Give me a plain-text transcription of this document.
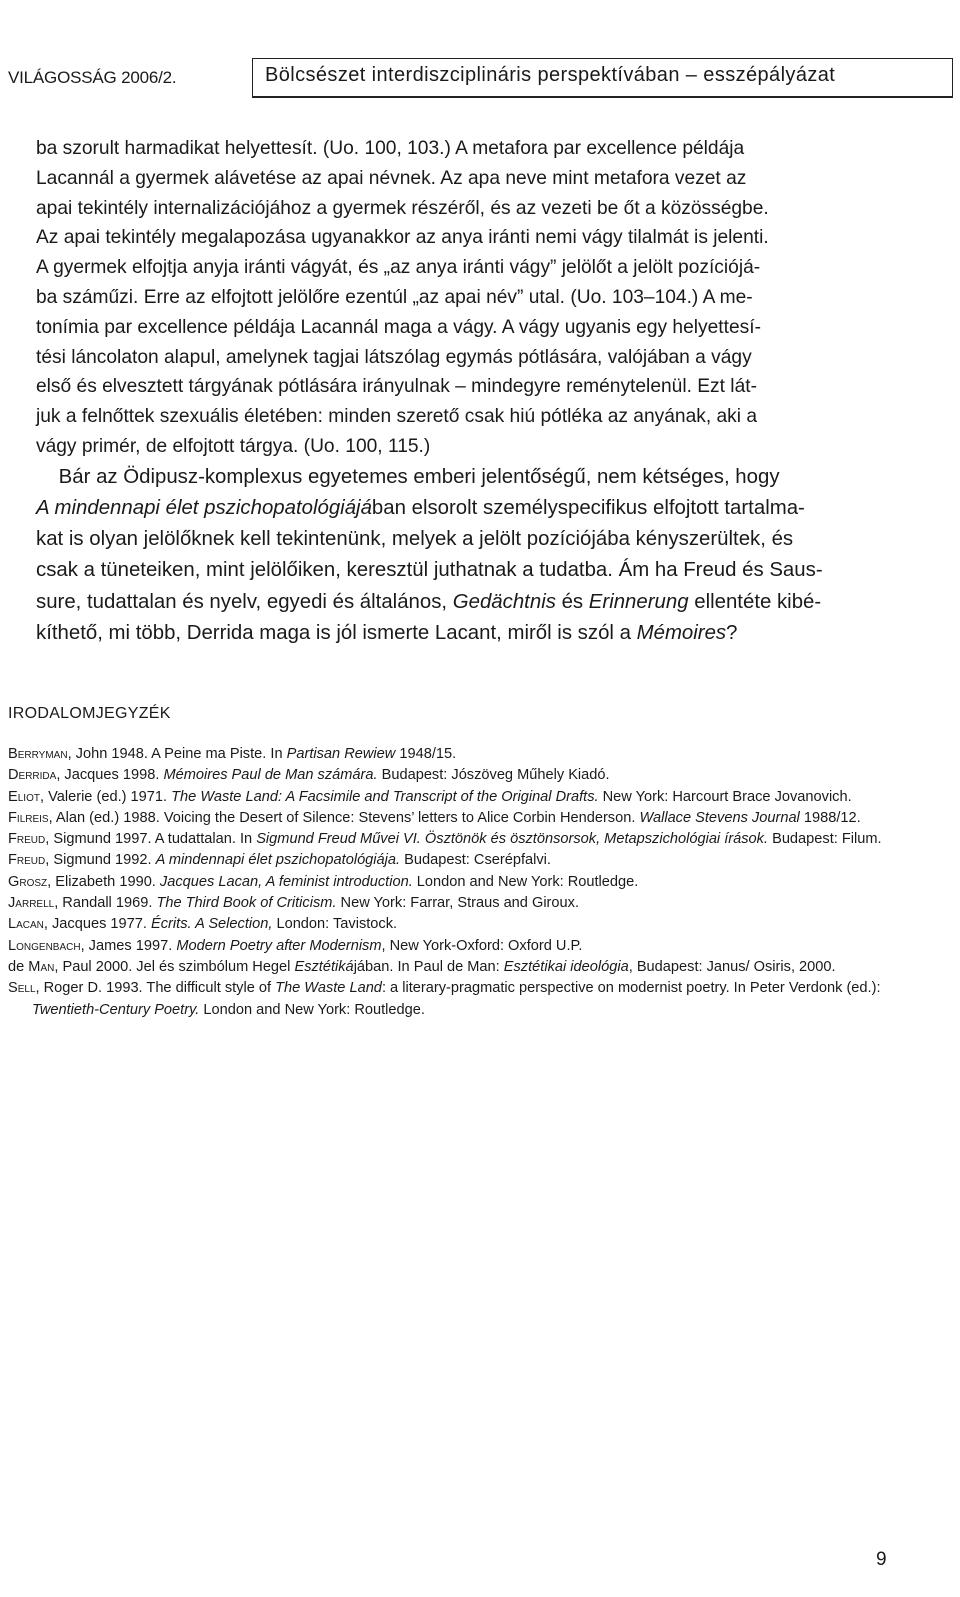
VILÁGOSSÁG 2006/2.	Bölcsészet interdiszciplináris perspektívában – esszépályázat
ba szorult harmadikat helyettesít. (Uo. 100, 103.) A metafora par excellence példája
Lacannál a gyermek alávetése az apai névnek. Az apa neve mint metafora vezet az
apai tekintély internalizációjához a gyermek részéről, és az vezeti be őt a közösségbe.
Az apai tekintély megalapozása ugyanakkor az anya iránti nemi vágy tilalmát is jelenti.
A gyermek elfojtja anyja iránti vágyát, és „az anya iránti vágy” jelölőt a jelölt pozíciójá-
ba száműzi. Erre az elfojtott jelölőre ezentúl „az apai név” utal. (Uo. 103–104.) A me-
tonímia par excellence példája Lacannál maga a vágy. A vágy ugyanis egy helyettesí-
tési láncolaton alapul, amelynek tagjai látszólag egymás pótlására, valójában a vágy
első és elvesztett tárgyának pótlására irányulnak – mindegyre reménytelenül. Ezt lát-
juk a felnőttek szexuális életében: minden szerető csak hiú pótléka az anyának, aki a
vágy primér, de elfojtott tárgya. (Uo. 100, 115.)
Bár az Ödipusz-komplexus egyetemes emberi jelentőségű, nem kétséges, hogy
A mindennapi élet pszichopatológiájában elsorolt személyspecifikus elfojtott tartalma-
kat is olyan jelölőknek kell tekintenünk, melyek a jelölt pozíciójába kényszerültek, és
csak a tüneteiken, mint jelölőiken, keresztül juthatnak a tudatba. Ám ha Freud és Saus-
sure, tudattalan és nyelv, egyedi és általános, Gedächtnis és Erinnerung ellentéte kibé-
kíthető, mi több, Derrida maga is jól ismerte Lacant, miről is szól a Mémoires?
IRODALOMJEGYZÉK

Berryman, John 1948. A Peine ma Piste. In Partisan Rewiew 1948/15.

Derrida, Jacques 1998. Mémoires Paul de Man számára. Budapest: Jószöveg Műhely Kiadó.

Eliot, Valerie (ed.) 1971. The Waste Land: A Facsimile and Transcript of the Original Drafts. New York: Harcourt Brace Jovanovich.

Filreis, Alan (ed.) 1988. Voicing the Desert of Silence: Stevens’ letters to Alice Corbin Henderson. Wallace Stevens Journal 1988/12.

Freud, Sigmund 1997. A tudattalan. In Sigmund Freud Művei VI. Ösztönök és ösztönsorsok, Metapszichológiai írások. Budapest: Filum.

Freud, Sigmund 1992. A mindennapi élet pszichopatológiája. Budapest: Cserépfalvi.

Grosz, Elizabeth 1990. Jacques Lacan, A feminist introduction. London and New York: Routledge.

Jarrell, Randall 1969. The Third Book of Criticism. New York: Farrar, Straus and Giroux.

Lacan, Jacques 1977. Écrits. A Selection, London: Tavistock.

Longenbach, James 1997. Modern Poetry after Modernism, New York-Oxford: Oxford U.P.

de Man, Paul 2000. Jel és szimbólum Hegel Esztétikájában. In Paul de Man: Esztétikai ideológia, Budapest: Janus/ Osiris, 2000.

Sell, Roger D. 1993. The difficult style of The Waste Land: a literary-pragmatic perspective on modernist poetry. In Peter Verdonk (ed.): Twentieth-Century Poetry. London and New York: Routledge.

9
